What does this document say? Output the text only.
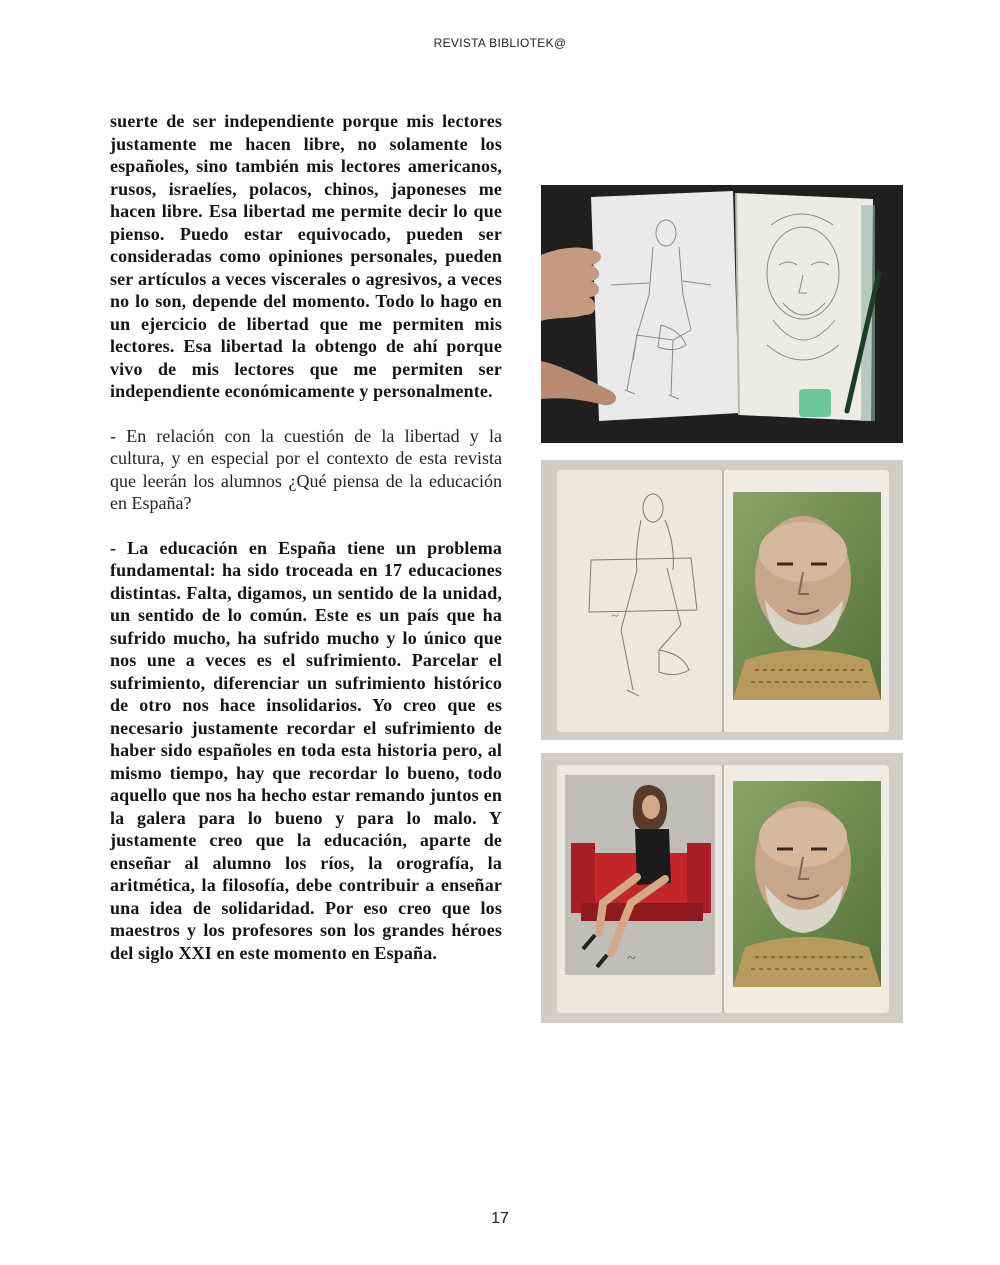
REVISTA BIBLIOTEK@

suerte de ser independiente porque mis lectores justamente me hacen libre, no solamente los españoles, sino también mis lectores americanos, rusos, israelíes, polacos, chinos, japoneses me hacen libre. Esa libertad me permite decir lo que pienso. Puedo estar equivocado, pueden ser consideradas como opiniones personales, pueden ser artículos a veces viscerales o agresivos, a veces no lo son, depende del momento. Todo lo hago en un ejercicio de libertad que me permiten mis lectores. Esa libertad la obtengo de ahí porque vivo de mis lectores que me permiten ser independiente económicamente y personalmente.

- En relación con la cuestión de la libertad y la cultura, y en especial por el contexto de esta revista que leerán los alumnos ¿Qué piensa de la educación en España?

- La educación en España tiene un problema fundamental: ha sido troceada en 17 educaciones distintas. Falta, digamos, un sentido de la unidad, un sentido de lo común. Este es un país que ha sufrido mucho, ha sufrido mucho y lo único que nos une a veces es el sufrimiento. Parcelar el sufrimiento, diferenciar un sufrimiento histórico de otro nos hace insolidarios. Yo creo que es necesario justamente recordar el sufrimiento de haber sido españoles en toda esta historia pero, al mismo tiempo, hay que recordar lo bueno, todo aquello que nos ha hecho estar remando juntos en la galera para lo bueno y para lo malo. Y justamente creo que la educación, aparte de enseñar al alumno los ríos, la orografía, la aritmética, la filosofía, debe contribuir a enseñar una idea de solidaridad. Por eso creo que los maestros y los profesores son los grandes héroes del siglo XXI en este momento en España.

~
~
17
